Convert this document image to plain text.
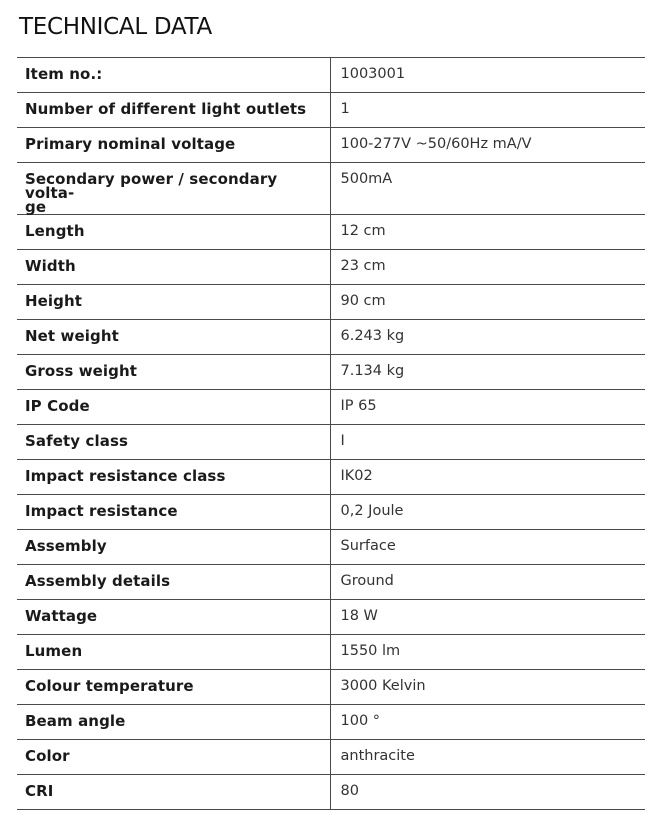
TECHNICAL DATA
Item no.:	1003001
Number of different light outlets	1
Primary nominal voltage	100-277V ~50/60Hz mA/V
Secondary power / secondary volta-
ge	500mA
Length	12 cm
Width	23 cm
Height	90 cm
Net weight	6.243 kg
Gross weight	7.134 kg
IP Code	IP 65
Safety class	I
Impact resistance class	IK02
Impact resistance	0,2 Joule
Assembly	Surface
Assembly details	Ground
Wattage	18 W
Lumen	1550 lm
Colour temperature	3000 Kelvin
Beam angle	100 °
Color	anthracite
CRI	80
